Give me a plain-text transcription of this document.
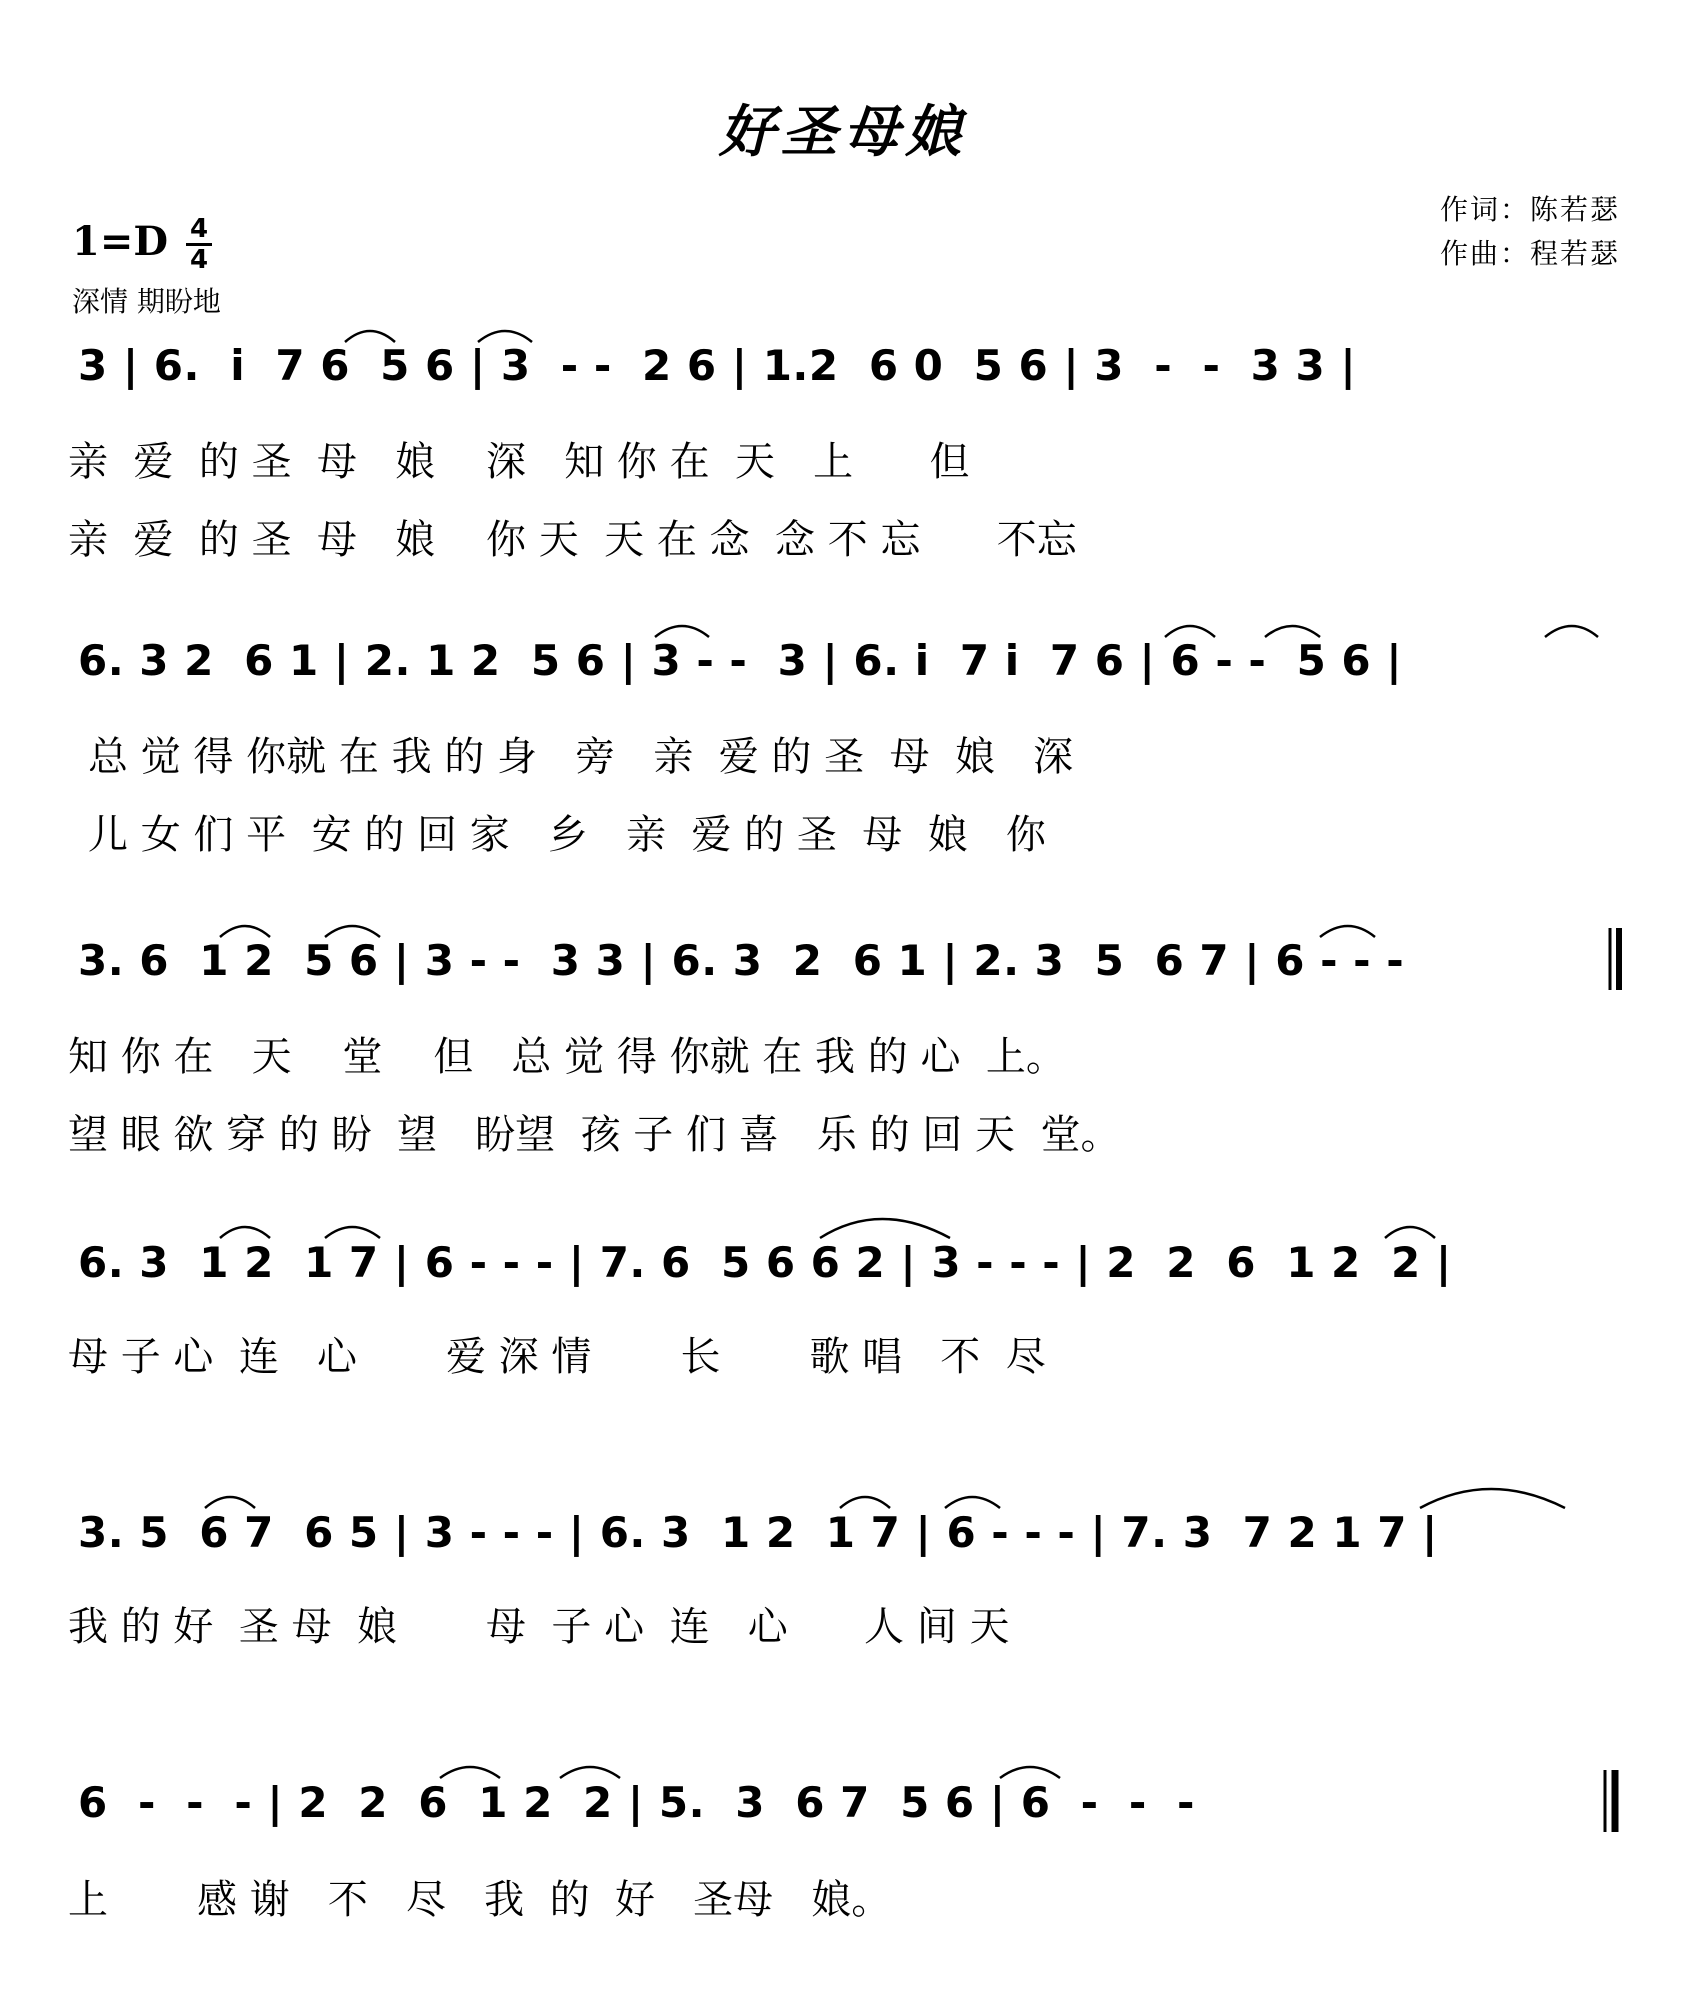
好圣母娘
作词：陈若瑟
作曲：程若瑟
1=D 4
4
深情 期盼地
3 | 6.  i  7 6  5 6 | 3  - -  2 6 | 1.2  6 0  5 6 | 3  -  -  3 3 |
亲  爱  的 圣  母   娘    深   知 你 在  天   上      但
亲  爱  的 圣  母   娘    你 天  天 在 念  念 不 忘      不忘
6. 3 2  6 1 | 2. 1 2  5 6 | 3 - -  3 | 6. i  7 i  7 6 | 6 - -  5 6 |
总 觉 得 你就 在 我 的 身   旁   亲  爱 的 圣  母  娘   深
儿 女 们 平  安 的 回 家   乡   亲  爱 的 圣  母  娘   你
3. 6  1 2  5 6 | 3 - -  3 3 | 6. 3  2  6 1 | 2. 3  5  6 7 | 6 - - -
知 你 在   天    堂    但   总 觉 得 你就 在 我 的 心  上。
望 眼 欲 穿 的 盼  望   盼望  孩 子 们 喜   乐 的 回 天  堂。
6. 3  1 2  1 7 | 6 - - - | 7. 6  5 6 6 2 | 3 - - - | 2  2  6  1 2  2 |
母 子 心  连   心       爱 深 情       长       歌 唱   不  尽
3. 5  6 7  6 5 | 3 - - - | 6. 3  1 2  1 7 | 6 - - - | 7. 3  7 2 1 7 |
我 的 好  圣 母  娘       母  子 心  连   心      人 间 天
6  -  -  - | 2  2  6  1 2  2 | 5.  3  6 7  5 6 | 6  -  -  -
上       感 谢   不   尽   我  的  好   圣母   娘。
